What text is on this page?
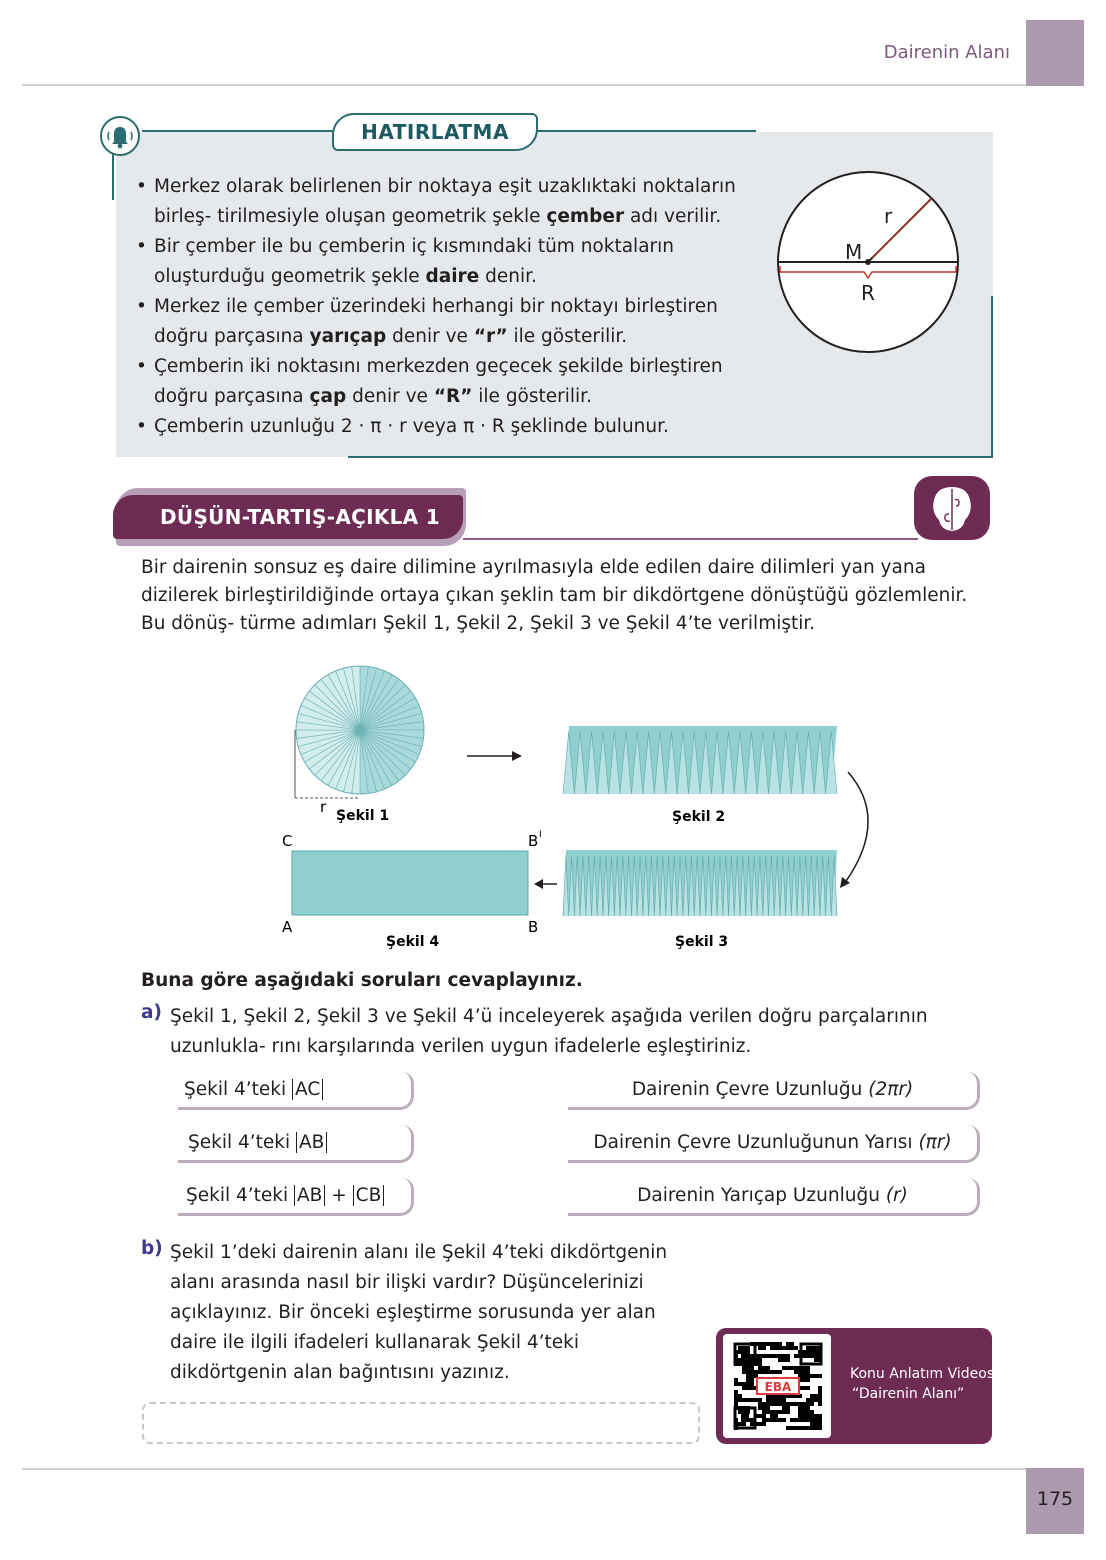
Dairenin Alanı
HATIRLATMA
• Merkez olarak belirlenen bir noktaya eşit uzaklıktaki noktaların birleş- tirilmesiyle oluşan geometrik şekle çember adı verilir.
• Bir çember ile bu çemberin iç kısmındaki tüm noktaların oluşturduğu geometrik şekle daire denir.
• Merkez ile çember üzerindeki herhangi bir noktayı birleştiren doğru parçasına yarıçap denir ve “r” ile gösterilir.
• Çemberin iki noktasını merkezden geçecek şekilde birleştiren doğru parçasına çap denir ve “R” ile gösterilir.
• Çemberin uzunluğu 2 · π · r veya π · R şeklinde bulunur.
r
M
R
DÜŞÜN-TARTIŞ-AÇIKLA 1

Bir dairenin sonsuz eş daire dilimine ayrılmasıyla elde edilen daire dilimleri yan yana dizilerek birleştirildiğinde ortaya çıkan şeklin tam bir dikdörtgene dönüştüğü gözlemlenir. Bu dönüş- türme adımları Şekil 1, Şekil 2, Şekil 3 ve Şekil 4’te verilmiştir.

r Şekil 1	Şekil 2
Şekil 3
C	B I
A	B
Şekil 4
Buna göre aşağıdaki soruları cevaplayınız.
a) Şekil 1, Şekil 2, Şekil 3 ve Şekil 4’ü inceleyerek aşağıda verilen doğru parçalarının uzunlukla- rını karşılarında verilen uygun ifadelerle eşleştiriniz.
Şekil 4’teki AC
Şekil 4’teki AB
Şekil 4’teki AB + CB
Dairenin Çevre Uzunluğu (2πr)
Dairenin Çevre Uzunluğunun Yarısı (πr)
Dairenin Yarıçap Uzunluğu (r)
b) Şekil 1’deki dairenin alanı ile Şekil 4’teki dikdörtgenin alanı arasında nasıl bir ilişki vardır? Düşüncelerinizi açıklayınız. Bir önceki eşleştirme sorusunda yer alan daire ile ilgili ifadeleri kullanarak Şekil 4’teki dikdörtgenin alan bağıntısını yazınız.

EBA
Konu Anlatım Videosu
“Dairenin Alanı”
175
